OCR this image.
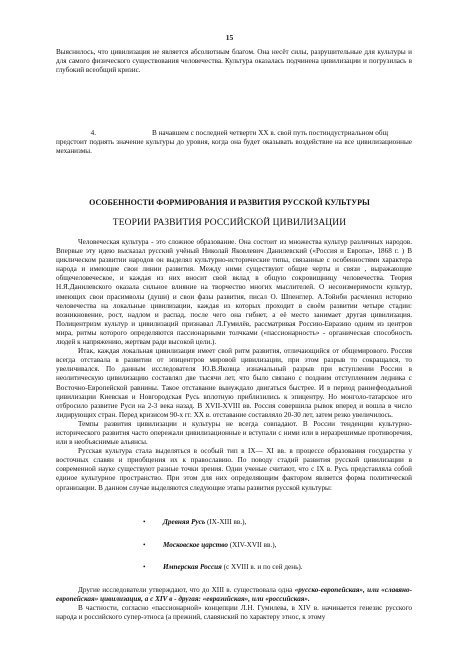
15

Выяснилось, что цивилизация не является абсолютным благом. Она несёт силы, разрушительные для культуры и для самого физического существования человечества. Культура оказалась подчинена цивилизации и погрузилась в глубокий всеобщий кризис.

4.	В начавшем с последней четверти XX в. свой путь постиндустриальном общ

предстоит поднять значение культуры до уровня, когда она будет оказывать воздействие на все цивилизационные механизмы.

ОСОБЕННОСТИ ФОРМИРОВАНИЯ И РАЗВИТИЯ РУССКОЙ КУЛЬТУРЫ
ТЕОРИИ РАЗВИТИЯ РОССИЙСКОЙ ЦИВИЛИЗАЦИИ

Человеческая культура - это сложное образование. Она состоит из множества культур различных народов. Впервые эту идею высказал русский учёный Николай Яковлевич Данилевский («Россия и Европа», 1868 г. ) В циклическом развитии народов он выделял культурно-исторические типы, связанные с особенностями характера народа и имеющие свои линии развития. Между ними существуют общие черты и связи , выражающие общечеловеческое, и каждая из них вносит свой вклад в общую сокровищницу человечества. Теория Н.Я.Данилевского оказала сильное влияние на творчество многих мыслителей. О несоизмеримости культур, имеющих свои прасимволы (души) и свои фазы развития, писал О. Шпенглер. А.Тойнби расчленил историю человечества на локальные цивилизации, каждая из которых проходит в своём развитии четыре стадии: возникновение, рост, надлом и распад, после чего она гибнет, а её место занимает другая цивилизация. Полицентризм культур и цивилизаций признавал Л.Гумилёв, рассматривая Россию-Евразию одним из центров мира, ритмы которого определяются пассионарными толчками («пассионарность» - органическая способность людей к напряжению, жертвам ради высокой цели.).

Итак, каждая локальная цивилизация имеет свой ритм развития, отличающийся от общемирового. Россия всегда отставала в развитии от эпицентров мировой цивилизации, при этом разрыв то сокращался, то увеличивался. По данным исследователя Ю.В.Яковца изначальный разрыв при вступлении России в неолитическую цивилизацию составлял две тысячи лет, что было связано с поздним отступлением ледника с Восточно-Европейской равнины. Такое отставание вынуждало двигаться быстрее. И в период раннефеодальной цивилизации Киевская и Новгородская Русь вплотную приблизились к эпицентру. Но монголо-татарское иго отбросило развитие Руси на 2-3 века назад. В XVII-XVIII вв. Россия совершила рывок вперед и вошла в число лидирующих стран. Перед кризисом 90-х гг. XX в. отставание составляло 20-30 лет, затем резко увеличилось.

Темпы развития цивилизации и культуры не всегда совпадают. В России тенденции культурно-исторического развития часто опережали цивилизационные и вступали с ними или в неразрешимые противоречия, или в необъяснимые альянсы.

Русская культура стала выделяться в особый тип в IX— XI вв. в процессе образования государства у восточных славян и приобщения их к православию. По поводу стадий развития русской цивилизации в современной науке существуют разные точки зрения. Одни ученые считают, что с IX в. Русь представляла собой единое культурное пространство. При этом для них определяющим фактором является форма политической организации. В данном случае выделяются следующие этапы развития русской культуры:

• Древняя Русь (IX-XIII вв.),
• Московское царство (XIV-XVII вв.),
• Имперская Россия (с XVIII в. и по сей день).

Другие исследователи утверждают, что до XIII в. существовала одна «русско-европейская», или «славяно-европейская» цивилизация, а с XIV в - другая: «евразийская», или «российская».

В частности, согласно «пассионарной» концепции Л.Н. Гумилева, в XIV в. начинается генезис русского народа и российского супер-этноса (а прежний, славянский по характеру этнос, к этому
